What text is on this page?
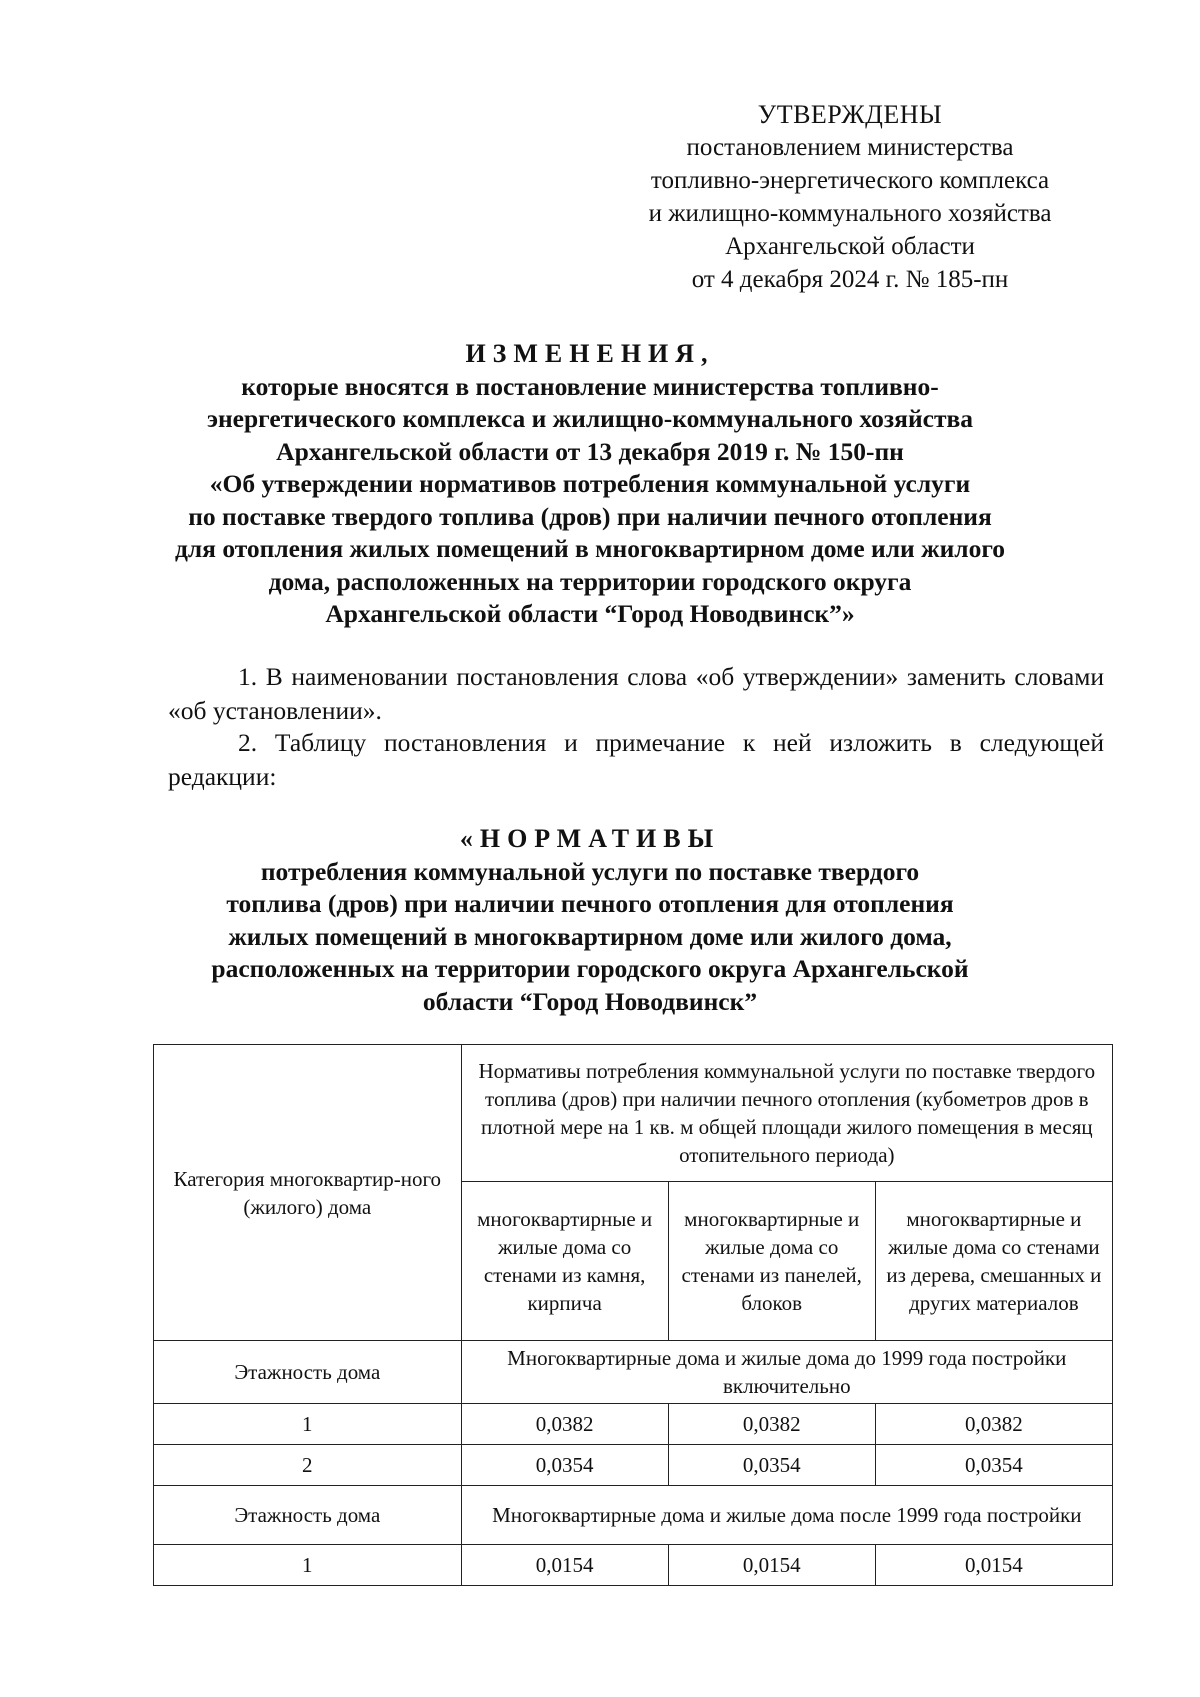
УТВЕРЖДЕНЫ
постановлением министерства
топливно-энергетического комплекса
и жилищно-коммунального хозяйства
Архангельской области
от 4 декабря 2024 г. № 185-пн
ИЗМЕНЕНИЯ,
которые вносятся в постановление министерства топливно-
энергетического комплекса и жилищно-коммунального хозяйства
Архангельской области от 13 декабря 2019 г. № 150-пн
«Об утверждении нормативов потребления коммунальной услуги
по поставке твердого топлива (дров) при наличии печного отопления
для отопления жилых помещений в многоквартирном доме или жилого
дома, расположенных на территории городского округа
Архангельской области “Город Новодвинск”»
1. В наименовании постановления слова «об утверждении» заменить словами «об установлении».
2. Таблицу постановления и примечание к ней изложить в следующей редакции:
«НОРМАТИВЫ
потребления коммунальной услуги по поставке твердого
топлива (дров) при наличии печного отопления для отопления
жилых помещений в многоквартирном доме или жилого дома,
расположенных на территории городского округа Архангельской
области “Город Новодвинск”
Категория многоквартир-ного (жилого) дома	Нормативы потребления коммунальной услуги по поставке твердого топлива (дров) при наличии печного отопления (кубометров дров в плотной мере на 1 кв. м общей площади жилого помещения в месяц отопительного периода)		
	многоквартирные и жилые дома со стенами из камня, кирпича	многоквартирные и жилые дома со стенами из панелей, блоков	многоквартирные и жилые дома со стенами из дерева, смешанных и других материалов
Этажность дома	Многоквартирные дома и жилые дома до 1999 года постройки включительно		
1	0,0382	0,0382	0,0382
2	0,0354	0,0354	0,0354
Этажность дома	Многоквартирные дома и жилые дома после 1999 года постройки		
1	0,0154	0,0154	0,0154
